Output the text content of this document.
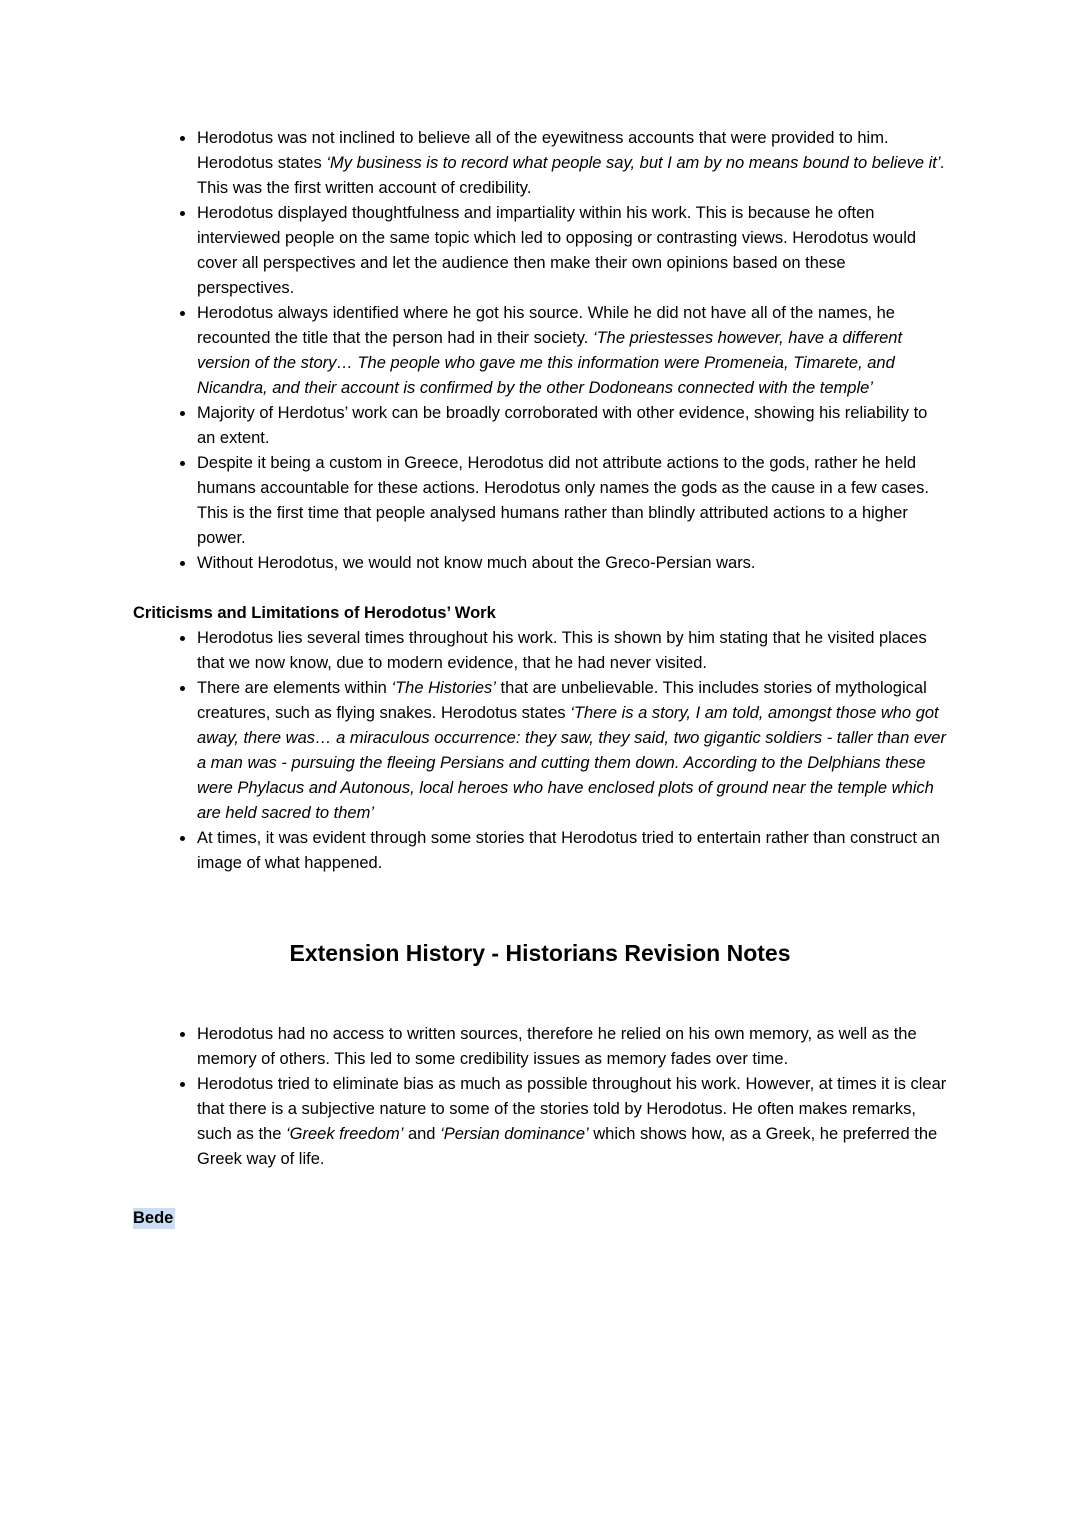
• Herodotus was not inclined to believe all of the eyewitness accounts that were provided to him. Herodotus states ‘My business is to record what people say, but I am by no means bound to believe it’. This was the first written account of credibility.
• Herodotus displayed thoughtfulness and impartiality within his work. This is because he often interviewed people on the same topic which led to opposing or contrasting views. Herodotus would cover all perspectives and let the audience then make their own opinions based on these perspectives.
• Herodotus always identified where he got his source. While he did not have all of the names, he recounted the title that the person had in their society. ‘The priestesses however, have a different version of the story… The people who gave me this information were Promeneia, Timarete, and Nicandra, and their account is confirmed by the other Dodoneans connected with the temple’
• Majority of Herdotus’ work can be broadly corroborated with other evidence, showing his reliability to an extent.
• Despite it being a custom in Greece, Herodotus did not attribute actions to the gods, rather he held humans accountable for these actions. Herodotus only names the gods as the cause in a few cases. This is the first time that people analysed humans rather than blindly attributed actions to a higher power.
• Without Herodotus, we would not know much about the Greco-Persian wars.
Criticisms and Limitations of Herodotus’ Work
• Herodotus lies several times throughout his work. This is shown by him stating that he visited places that we now know, due to modern evidence, that he had never visited.
• There are elements within ‘The Histories’ that are unbelievable. This includes stories of mythological creatures, such as flying snakes. Herodotus states ‘There is a story, I am told, amongst those who got away, there was… a miraculous occurrence: they saw, they said, two gigantic soldiers - taller than ever a man was - pursuing the fleeing Persians and cutting them down. According to the Delphians these were Phylacus and Autonous, local heroes who have enclosed plots of ground near the temple which are held sacred to them’
• At times, it was evident through some stories that Herodotus tried to entertain rather than construct an image of what happened.
Extension History - Historians Revision Notes
• Herodotus had no access to written sources, therefore he relied on his own memory, as well as the memory of others. This led to some credibility issues as memory fades over time.
• Herodotus tried to eliminate bias as much as possible throughout his work. However, at times it is clear that there is a subjective nature to some of the stories told by Herodotus. He often makes remarks, such as the ‘Greek freedom’ and ‘Persian dominance’ which shows how, as a Greek, he preferred the Greek way of life.
Bede
